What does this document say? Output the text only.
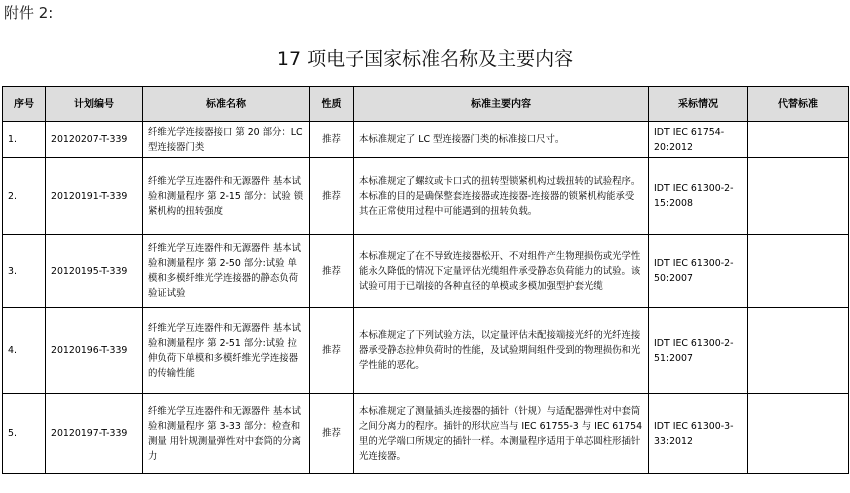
附件 2:
17 项电子国家标准名称及主要内容
序号	计划编号	标准名称	性质	标准主要内容	采标情况	代替标准
1.	20120207-T-339	纤维光学连接器接口 第 20 部分：LC 型连接器门类	推荐	本标准规定了 LC 型连接器门类的标准接口尺寸。	IDT IEC 61754-20:2012	
2.	20120191-T-339	纤维光学互连器件和无源器件 基本试验和测量程序 第 2-15 部分：试验 锁紧机构的扭转强度	推荐	本标准规定了螺纹或卡口式的扭转型锁紧机构过载扭转的试验程序。本标准的目的是确保整套连接器或连接器-连接器的锁紧机构能承受其在正常使用过程中可能遇到的扭转负载。	IDT IEC 61300-2-15:2008	
3.	20120195-T-339	纤维光学互连器件和无源器件 基本试验和测量程序 第 2-50 部分:试验 单模和多模纤维光学连接器的静态负荷验证试验	推荐	本标准规定了在不导致连接器松开、不对组件产生物理损伤或光学性能永久降低的情况下定量评估光缆组件承受静态负荷能力的试验。该试验可用于已端接的各种直径的单模或多模加强型护套光缆	IDT IEC 61300-2-50:2007	
4.	20120196-T-339	纤维光学互连器件和无源器件 基本试验和测量程序 第 2-51 部分:试验 拉伸负荷下单模和多模纤维光学连接器的传输性能	推荐	本标准规定了下列试验方法，以定量评估未配接端接光纤的光纤连接器承受静态拉伸负荷时的性能，及试验期间组件受到的物理损伤和光学性能的恶化。	IDT IEC 61300-2-51:2007	
5.	20120197-T-339	纤维光学互连器件和无源器件 基本试验和测量程序 第 3-33 部分：检查和测量 用针规测量弹性对中套筒的分离力	推荐	本标准规定了测量插头连接器的插针（针规）与适配器弹性对中套筒之间分离力的程序。插针的形状应当与 IEC 61755-3 与 IEC 61754 里的光学端口所规定的插针一样。本测量程序适用于单芯圆柱形插针光连接器。	IDT IEC 61300-3-33:2012	
